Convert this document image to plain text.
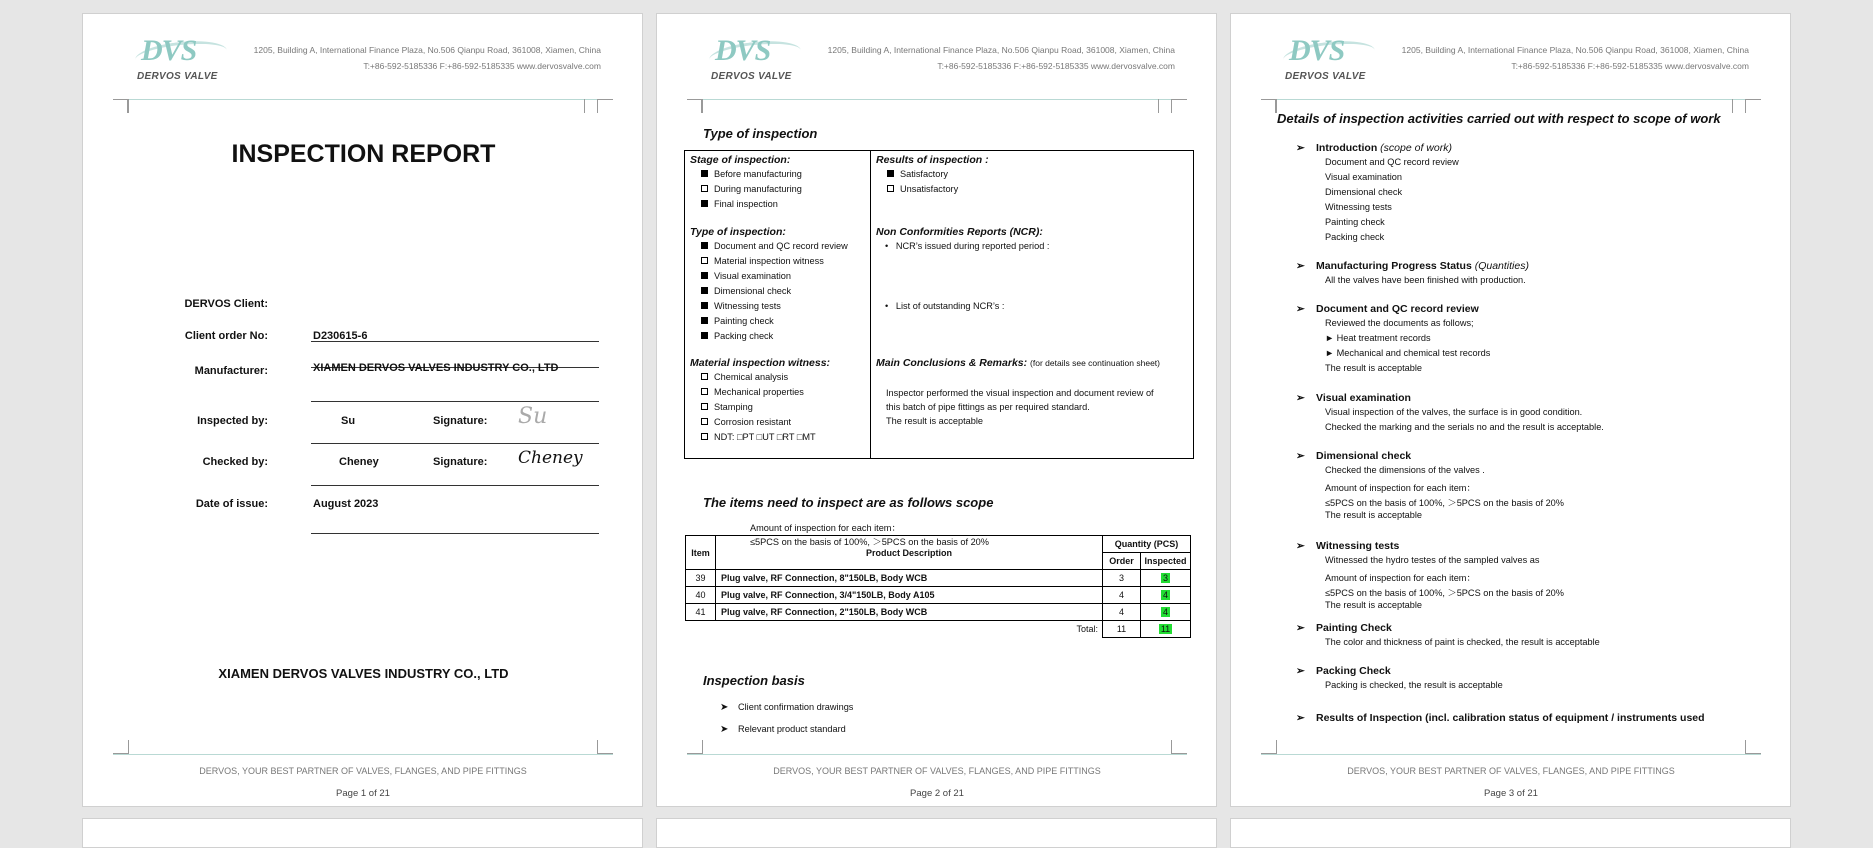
DVS
DERVOS VALVE
1205, Building A, International Finance Plaza, No.506 Qianpu Road, 361008, Xiamen, China
T:+86-592-5185336 F:+86-592-5185335 www.dervosvalve.com
INSPECTION REPORT
DERVOS Client:
Client order No:	D230615-6
Manufacturer:	XIAMEN DERVOS VALVES INDUSTRY CO., LTD
Inspected by:	Su	Signature: Su
Checked by:	Cheney	Signature: Cheney
Date of issue:	August 2023
XIAMEN DERVOS VALVES INDUSTRY CO., LTD
DERVOS, YOUR BEST PARTNER OF VALVES, FLANGES, AND PIPE FITTINGS
Page 1 of 21
DVS
DERVOS VALVE
1205, Building A, International Finance Plaza, No.506 Qianpu Road, 361008, Xiamen, China
T:+86-592-5185336 F:+86-592-5185335 www.dervosvalve.com
Type of inspection
Stage of inspection:
Before manufacturing
During manufacturing
Final inspection
Type of inspection:
Document and QC record review
Material inspection witness
Visual examination
Dimensional check
Witnessing tests
Painting check
Packing check
Material inspection witness:
Chemical analysis
Mechanical properties
Stamping
Corrosion resistant
NDT: □PT □UT □RT □MT
Results of inspection :
Satisfactory
Unsatisfactory
Non Conformities Reports (NCR):
•   NCR’s issued during reported period :
•   List of outstanding NCR’s :
Main Conclusions & Remarks: (for details see continuation sheet)
Inspector performed the visual inspection and document review of
this batch of pipe fittings as per required standard.
The result is acceptable
The items need to inspect are as follows scope
Amount of inspection for each item：
≤5PCS on the basis of 100%, ＞5PCS on the basis of 20%
Item	Product Description	Quantity (PCS)	
		Order	Inspected
39	Plug valve, RF Connection, 8"150LB, Body WCB	3	3
40	Plug valve, RF Connection, 3/4"150LB, Body A105	4	4
41	Plug valve, RF Connection, 2"150LB, Body WCB	4	4
Total:		11	11
Inspection basis
➤ Client confirmation drawings
➤ Relevant product standard
DERVOS, YOUR BEST PARTNER OF VALVES, FLANGES, AND PIPE FITTINGS
Page 2 of 21
DVS
DERVOS VALVE
1205, Building A, International Finance Plaza, No.506 Qianpu Road, 361008, Xiamen, China
T:+86-592-5185336 F:+86-592-5185335 www.dervosvalve.com
Details of inspection activities carried out with respect to scope of work
➢ Introduction (scope of work)
Document and QC record review
Visual examination
Dimensional check
Witnessing tests
Painting check
Packing check
➢ Manufacturing Progress Status (Quantities)
All the valves have been finished with production.
➢ Document and QC record review
Reviewed the documents as follows;
► Heat treatment records
► Mechanical and chemical test records
The result is acceptable
➢ Visual examination
Visual inspection of the valves, the surface is in good condition.
Checked the marking and the serials no and the result is acceptable.
➢ Dimensional check
Checked the dimensions of the valves .
Amount of inspection for each item：
≤5PCS on the basis of 100%, ＞5PCS on the basis of 20%
The result is acceptable
➢ Witnessing tests
Witnessed the hydro testes of the sampled valves as
Amount of inspection for each item：
≤5PCS on the basis of 100%, ＞5PCS on the basis of 20%
The result is acceptable
➢ Painting Check
The color and thickness of paint is checked, the result is acceptable
➢ Packing Check
Packing is checked, the result is acceptable
➢ Results of Inspection (incl. calibration status of equipment / instruments used
DERVOS, YOUR BEST PARTNER OF VALVES, FLANGES, AND PIPE FITTINGS
Page 3 of 21
